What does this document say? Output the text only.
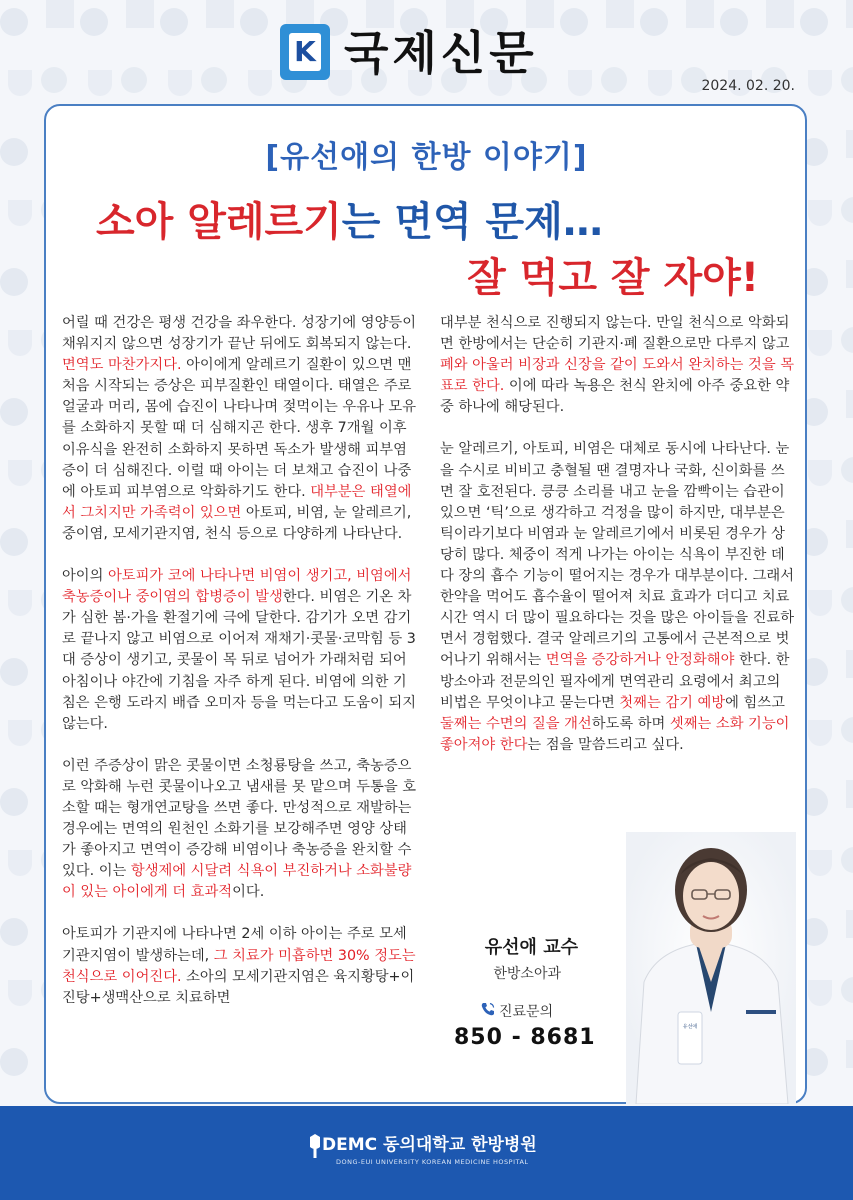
K 국제신문
2024. 02. 20.
[유선애의 한방 이야기]
소아 알레르기는 면역 문제…
잘 먹고 잘 자야!

어릴 때 건강은 평생 건강을 좌우한다. 성장기에 영양등이 채워지지 않으면 성장기가 끝난 뒤에도 회복되지 않는다. 면역도 마찬가지다. 아이에게 알레르기 질환이 있으면 맨 처음 시작되는 증상은 피부질환인 태열이다. 태열은 주로 얼굴과 머리, 몸에 습진이 나타나며 젖먹이는 우유나 모유를 소화하지 못할 때 더 심해지곤 한다. 생후 7개월 이후 이유식을 완전히 소화하지 못하면 독소가 발생해 피부염증이 더 심해진다. 이럴 때 아이는 더 보채고 습진이 나중에 아토피 피부염으로 악화하기도 한다. 대부분은 태열에서 그치지만 가족력이 있으면 아토피, 비염, 눈 알레르기, 중이염, 모세기관지염, 천식 등으로 다양하게 나타난다.

아이의 아토피가 코에 나타나면 비염이 생기고, 비염에서 축농증이나 중이염의 합병증이 발생한다. 비염은 기온 차가 심한 봄·가을 환절기에 극에 달한다. 감기가 오면 감기로 끝나지 않고 비염으로 이어져 재채기·콧물·코막힘 등 3대 증상이 생기고, 콧물이 목 뒤로 넘어가 가래처럼 되어 아침이나 야간에 기침을 자주 하게 된다. 비염에 의한 기침은 은행 도라지 배즙 오미자 등을 먹는다고 도움이 되지 않는다.

이런 주증상이 맑은 콧물이면 소청룡탕을 쓰고, 축농증으로 악화해 누런 콧물이나오고 냄새를 못 맡으며 두통을 호소할 때는 형개연교탕을 쓰면 좋다. 만성적으로 재발하는 경우에는 면역의 원천인 소화기를 보강해주면 영양 상태가 좋아지고 면역이 증강해 비염이나 축농증을 완치할 수 있다. 이는 항생제에 시달려 식욕이 부진하거나 소화불량이 있는 아이에게 더 효과적이다.

아토피가 기관지에 나타나면 2세 이하 아이는 주로 모세기관지염이 발생하는데, 그 치료가 미흡하면 30% 정도는 천식으로 이어진다. 소아의 모세기관지염은 육지황탕+이진탕+생맥산으로 치료하면

대부분 천식으로 진행되지 않는다. 만일 천식으로 악화되면 한방에서는 단순히 기관지·폐 질환으로만 다루지 않고 폐와 아울러 비장과 신장을 같이 도와서 완치하는 것을 목표로 한다. 이에 따라 녹용은 천식 완치에 아주 중요한 약 중 하나에 해당된다.

눈 알레르기, 아토피, 비염은 대체로 동시에 나타난다. 눈을 수시로 비비고 충혈될 땐 결명자나 국화, 신이화를 쓰면 잘 호전된다. 킁킁 소리를 내고 눈을 깜빡이는 습관이 있으면 ‘틱’으로 생각하고 걱정을 많이 하지만, 대부분은 틱이라기보다 비염과 눈 알레르기에서 비롯된 경우가 상당히 많다. 체중이 적게 나가는 아이는 식욕이 부진한 데다 장의 흡수 기능이 떨어지는 경우가 대부분이다. 그래서 한약을 먹어도 흡수율이 떨어져 치료 효과가 더디고 치료시간 역시 더 많이 필요하다는 것을 많은 아이들을 진료하면서 경험했다. 결국 알레르기의 고통에서 근본적으로 벗어나기 위해서는 면역을 증강하거나 안정화해야 한다. 한방소아과 전문의인 필자에게 면역관리 요령에서 최고의 비법은 무엇이냐고 묻는다면 첫째는 감기 예방에 힘쓰고 둘째는 수면의 질을 개선하도록 하며 셋째는 소화 기능이 좋아져야 한다는 점을 말씀드리고 싶다.

유선애
유선애 교수
한방소아과
진료문의
850 - 8681
DEMC 동의대학교 한방병원
DONG-EUI UNIVERSITY KOREAN MEDICINE HOSPITAL
